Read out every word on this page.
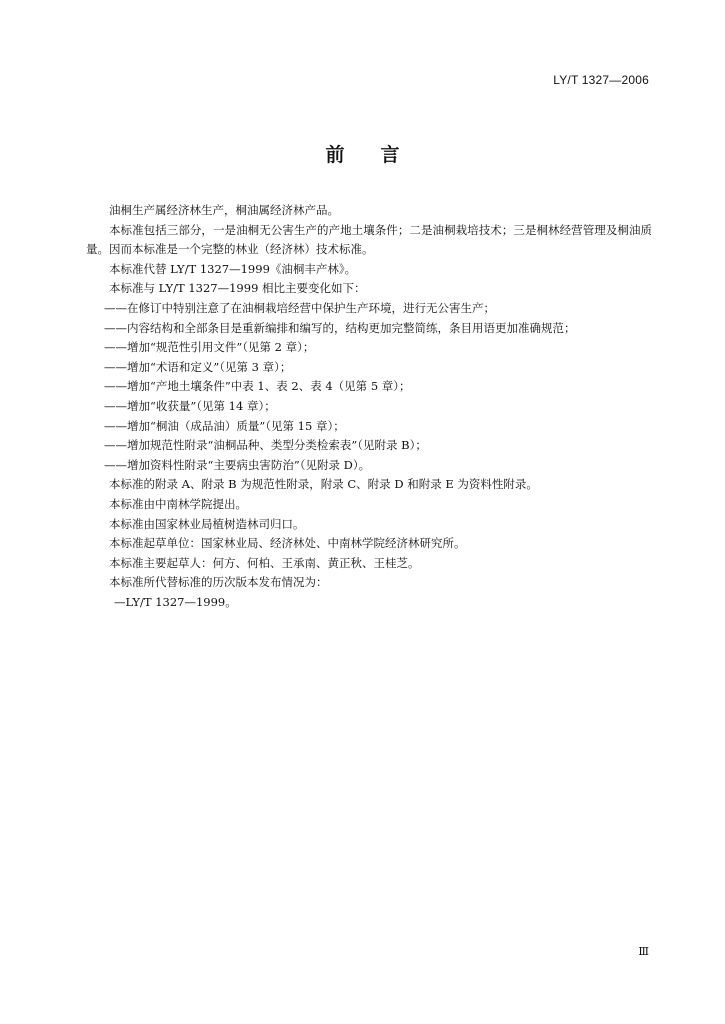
LY/T 1327—2006
前言

油桐生产属经济林生产，桐油属经济林产品。

本标准包括三部分，一是油桐无公害生产的产地土壤条件；二是油桐栽培技术；三是桐林经营管理及桐油质量。因而本标准是一个完整的林业（经济林）技术标准。

本标准代替 LY/T 1327—1999《油桐丰产林》。

本标准与 LY/T 1327—1999 相比主要变化如下：

——在修订中特别注意了在油桐栽培经营中保护生产环境，进行无公害生产；

——内容结构和全部条目是重新编排和编写的，结构更加完整简练，条目用语更加准确规范；

——增加“规范性引用文件”（见第 2 章）；

——增加“术语和定义”（见第 3 章）；

——增加“产地土壤条件”中表 1、表 2、表 4（见第 5 章）；

——增加“收获量”（见第 14 章）；

——增加“桐油（成品油）质量”（见第 15 章）；

——增加规范性附录“油桐品种、类型分类检索表”（见附录 B）；

——增加资料性附录“主要病虫害防治”（见附录 D）。

本标准的附录 A、附录 B 为规范性附录，附录 C、附录 D 和附录 E 为资料性附录。

本标准由中南林学院提出。

本标准由国家林业局植树造林司归口。

本标准起草单位：国家林业局、经济林处、中南林学院经济林研究所。

本标准主要起草人：何方、何柏、王承南、黄正秋、王桂芝。

本标准所代替标准的历次版本发布情况为：

—LY/T 1327—1999。

Ⅲ
